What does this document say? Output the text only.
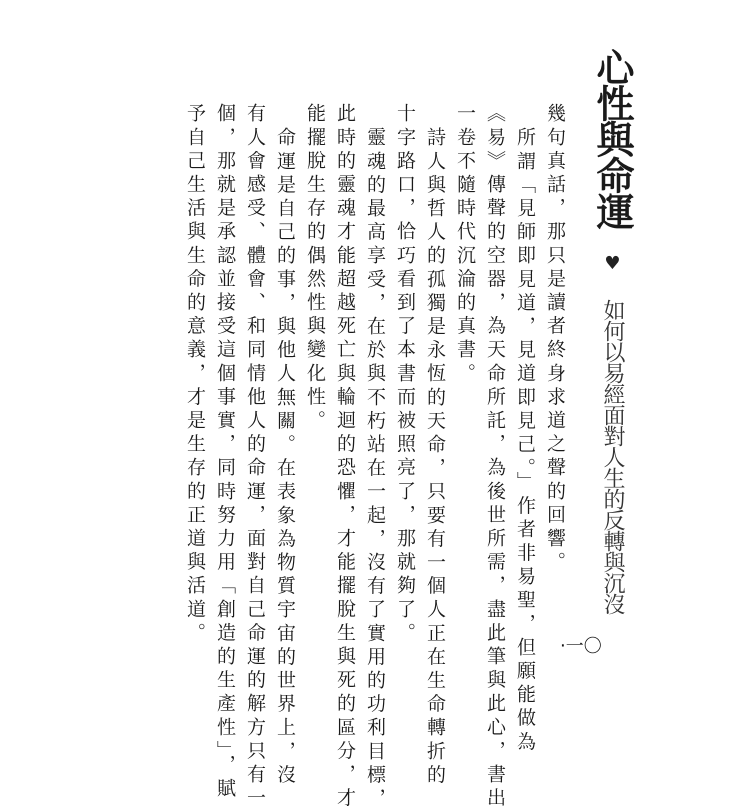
心性與命運 ♥ 如何以易經面對人生的反轉與沉沒
幾句真話，那只是讀者終身求道之聲的回響。
所謂「見師即見道，見道即見己。」作者非易聖，但願能做為
《易》傳聲的空器，為天命所託，為後世所需，盡此筆與此心，書出
一卷不隨時代沉淪的真書。
詩人與哲人的孤獨是永恆的天命，只要有一個人正在生命轉折的
十字路口，恰巧看到了本書而被照亮了，那就夠了。
靈魂的最高享受，在於與不朽站在一起，沒有了實用的功利目標，
此時的靈魂才能超越死亡與輪迴的恐懼，才能擺脫生與死的區分，才
能擺脫生存的偶然性與變化性。
命運是自己的事，與他人無關。在表象為物質宇宙的世界上，沒
有人會感受、體會、和同情他人的命運，面對自己命運的解方只有一
個，那就是承認並接受這個事實，同時努力用「創造的生產性」，賦
予自己生活與生命的意義，才是生存的正道與活道。
‧一〇
